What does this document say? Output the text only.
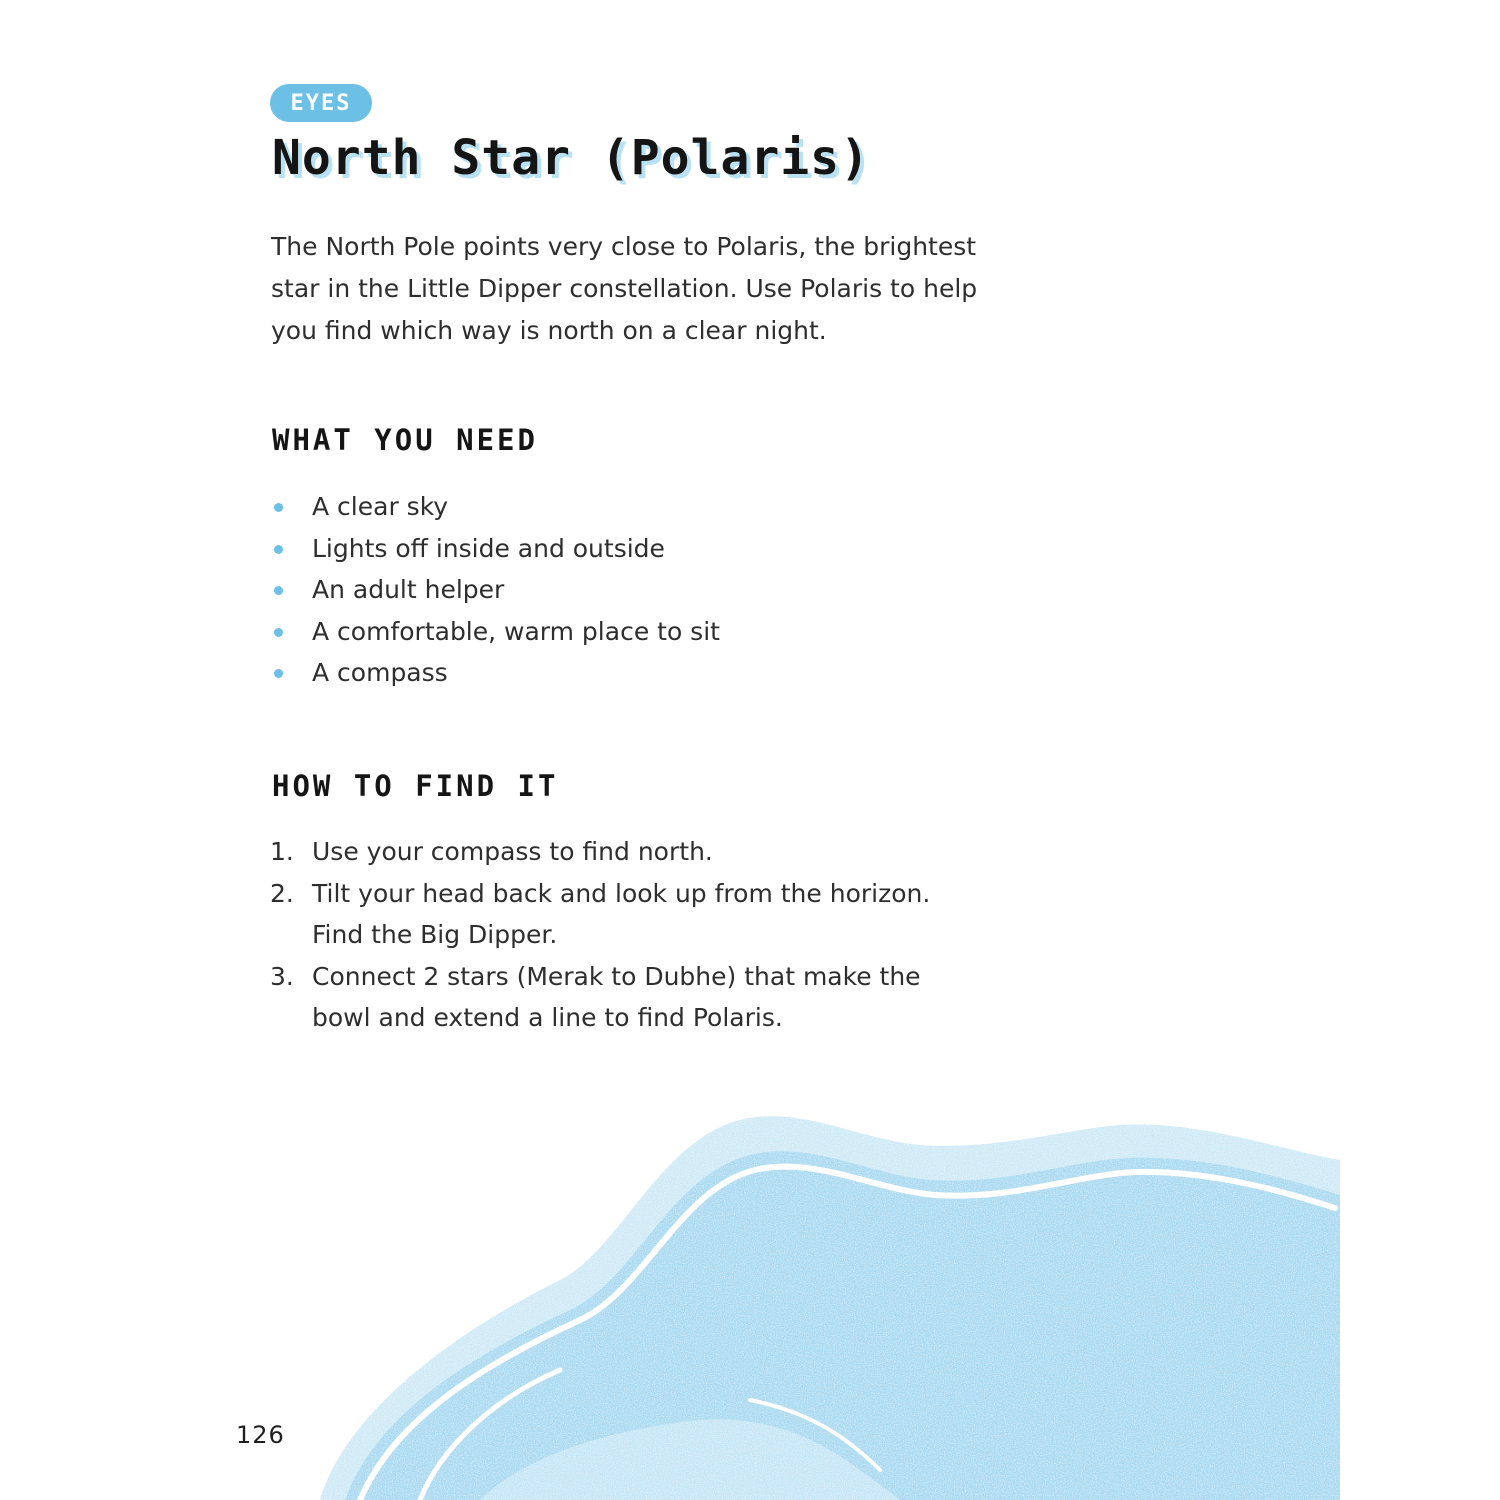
EYES
North Star (Polaris)

The North Pole points very close to Polaris, the brightest star in the Little Dipper constellation. Use Polaris to help you find which way is north on a clear night.

WHAT YOU NEED
A clear sky
Lights off inside and outside
An adult helper
A comfortable, warm place to sit
A compass
HOW TO FIND IT
1. Use your compass to find north.
2. Tilt your head back and look up from the horizon. Find the Big Dipper.
3. Connect 2 stars (Merak to Dubhe) that make the bowl and extend a line to find Polaris.
126
